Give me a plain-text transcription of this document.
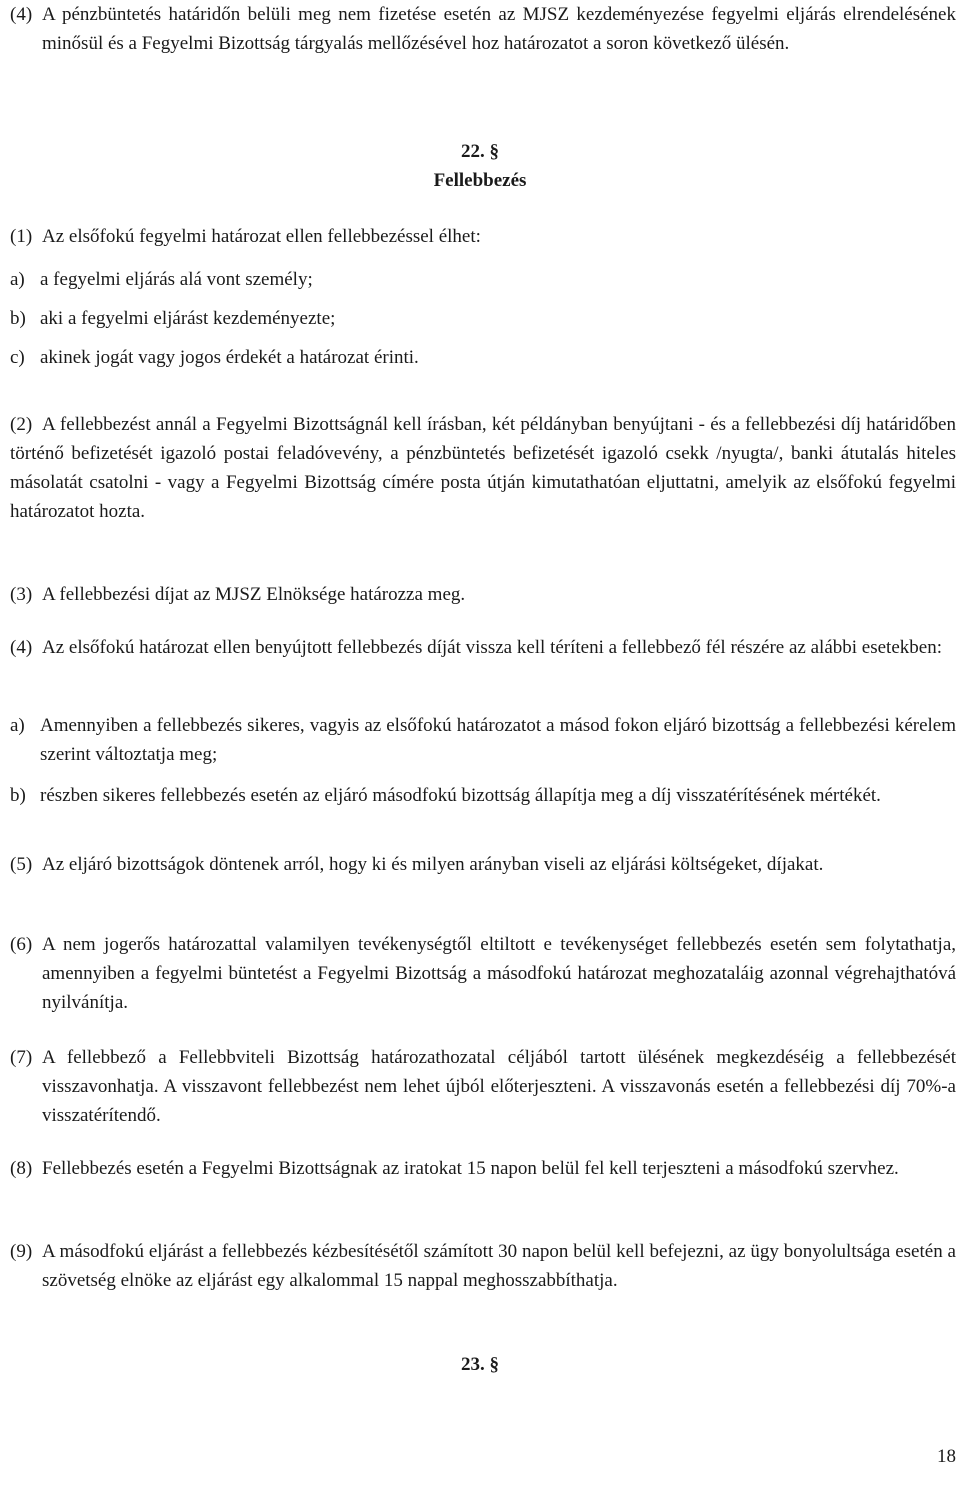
(4) A pénzbüntetés határidőn belüli meg nem fizetése esetén az MJSZ kezdeményezése fegyelmi eljárás elrendelésének minősül és a Fegyelmi Bizottság tárgyalás mellőzésével hoz határozatot a soron következő ülésén.
22. §
Fellebbezés
(1) Az elsőfokú fegyelmi határozat ellen fellebbezéssel élhet:
a) a fegyelmi eljárás alá vont személy;
b) aki a fegyelmi eljárást kezdeményezte;
c) akinek jogát vagy jogos érdekét a határozat érinti.
(2) A fellebbezést annál a Fegyelmi Bizottságnál kell írásban, két példányban benyújtani - és a fellebbezési díj határidőben történő befizetését igazoló postai feladóvevény, a pénzbüntetés befizetését igazoló csekk /nyugta/, banki átutalás hiteles másolatát csatolni - vagy a Fegyelmi Bizottság címére posta útján kimutathatóan eljuttatni, amelyik az elsőfokú fegyelmi határozatot hozta.
(3) A fellebbezési díjat az MJSZ Elnöksége határozza meg.
(4) Az elsőfokú határozat ellen benyújtott fellebbezés díját vissza kell téríteni a fellebbező fél részére az alábbi esetekben:
a) Amennyiben a fellebbezés sikeres, vagyis az elsőfokú határozatot a másod fokon eljáró bizottság a fellebbezési kérelem szerint változtatja meg;
b) részben sikeres fellebbezés esetén az eljáró másodfokú bizottság állapítja meg a díj visszatérítésének mértékét.
(5) Az eljáró bizottságok döntenek arról, hogy ki és milyen arányban viseli az eljárási költségeket, díjakat.
(6) A nem jogerős határozattal valamilyen tevékenységtől eltiltott e tevékenységet fellebbezés esetén sem folytathatja, amennyiben a fegyelmi büntetést a Fegyelmi Bizottság a másodfokú határozat meghozataláig azonnal végrehajthatóvá nyilvánítja.
(7) A fellebbező a Fellebbviteli Bizottság határozathozatal céljából tartott ülésének megkezdéséig a fellebbezését visszavonhatja. A visszavont fellebbezést nem lehet újból előterjeszteni. A visszavonás esetén a fellebbezési díj 70%-a visszatérítendő.
(8) Fellebbezés esetén a Fegyelmi Bizottságnak az iratokat 15 napon belül fel kell terjeszteni a másodfokú szervhez.
(9) A másodfokú eljárást a fellebbezés kézbesítésétől számított 30 napon belül kell befejezni, az ügy bonyolultsága esetén a szövetség elnöke az eljárást egy alkalommal 15 nappal meghosszabbíthatja.
23. §
18
